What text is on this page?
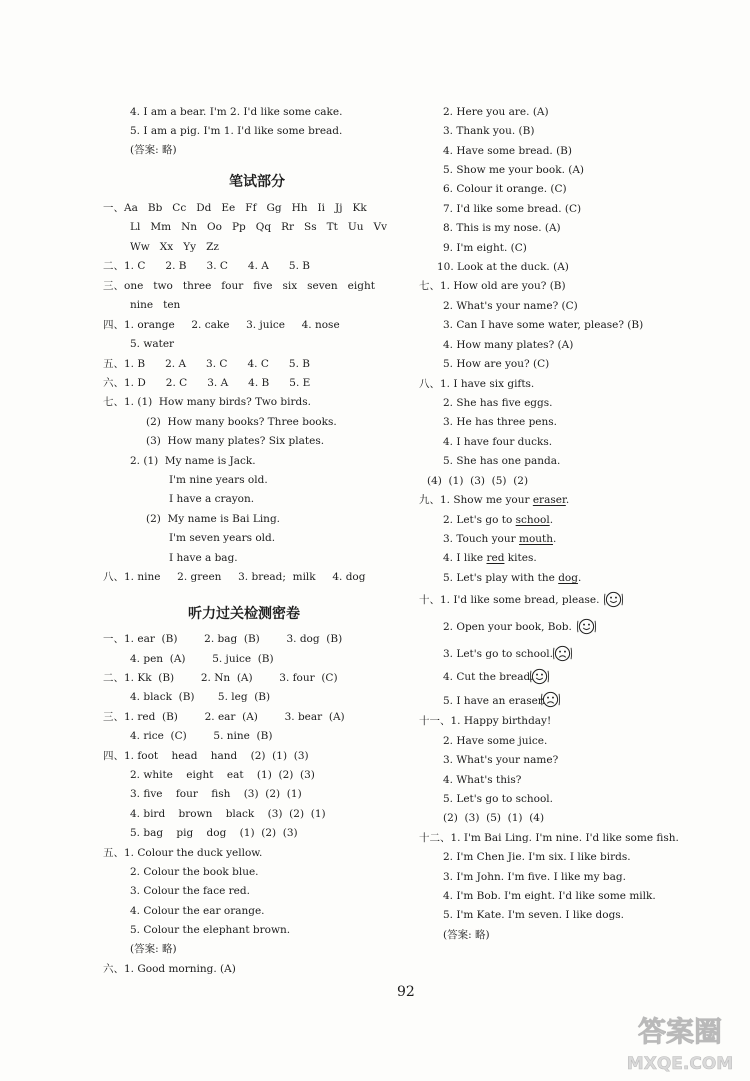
4. I am a bear. I'm 2. I'd like some cake.
5. I am a pig. I'm 1. I'd like some bread.
(答案: 略)
笔试部分
一、Aa   Bb   Cc   Dd   Ee   Ff   Gg   Hh   Ii   Jj   Kk
Ll   Mm   Nn   Oo   Pp   Qq   Rr   Ss   Tt   Uu   Vv
Ww   Xx   Yy   Zz
二、1. C      2. B      3. C      4. A      5. B
三、one   two   three   four   five   six   seven   eight
nine   ten
四、1. orange     2. cake     3. juice     4. nose
5. water
五、1. B      2. A      3. C      4. C      5. B
六、1. D      2. C      3. A      4. B      5. E
七、1. (1)  How many birds? Two birds.
(2)  How many books? Three books.
(3)  How many plates? Six plates.
2. (1)  My name is Jack.
I'm nine years old.
I have a crayon.
(2)  My name is Bai Ling.
I'm seven years old.
I have a bag.
八、1. nine     2. green     3. bread;  milk     4. dog
听力过关检测密卷
一、1. ear  (B)        2. bag  (B)        3. dog  (B)
4. pen  (A)        5. juice  (B)
二、1. Kk  (B)        2. Nn  (A)        3. four  (C)
4. black  (B)       5. leg  (B)
三、1. red  (B)        2. ear  (A)        3. bear  (A)
4. rice  (C)        5. nine  (B)
四、1. foot    head    hand    (2)  (1)  (3)
2. white    eight    eat    (1)  (2)  (3)
3. five    four    fish    (3)  (2)  (1)
4. bird    brown    black    (3)  (2)  (1)
5. bag    pig    dog    (1)  (2)  (3)
五、1. Colour the duck yellow.
2. Colour the book blue.
3. Colour the face red.
4. Colour the ear orange.
5. Colour the elephant brown.
(答案: 略)
六、1. Good morning. (A)
2. Here you are. (A)
3. Thank you. (B)
4. Have some bread. (B)
5. Show me your book. (A)
6. Colour it orange. (C)
7. I'd like some bread. (C)
8. This is my nose. (A)
9. I'm eight. (C)
10. Look at the duck. (A)
七、1. How old are you? (B)
2. What's your name? (C)
3. Can I have some water, please? (B)
4. How many plates? (A)
5. How are you? (C)
八、1. I have six gifts.
2. She has five eggs.
3. He has three pens.
4. I have four ducks.
5. She has one panda.
(4)  (1)  (3)  (5)  (2)
九、1. Show me your eraser.
2. Let's go to school.
3. Touch your mouth.
4. I like red kites.
5. Let's play with the dog.
十、1. I'd like some bread, please.
2. Open your book, Bob.
3. Let's go to school.
4. Cut the bread.
5. I have an eraser.
十一、1. Happy birthday!
2. Have some juice.
3. What's your name?
4. What's this?
5. Let's go to school.
(2)  (3)  (5)  (1)  (4)
十二、1. I'm Bai Ling. I'm nine. I'd like some fish.
2. I'm Chen Jie. I'm six. I like birds.
3. I'm John. I'm five. I like my bag.
4. I'm Bob. I'm eight. I'd like some milk.
5. I'm Kate. I'm seven. I like dogs.
(答案: 略)
92
答案圈
MXQE.COM
